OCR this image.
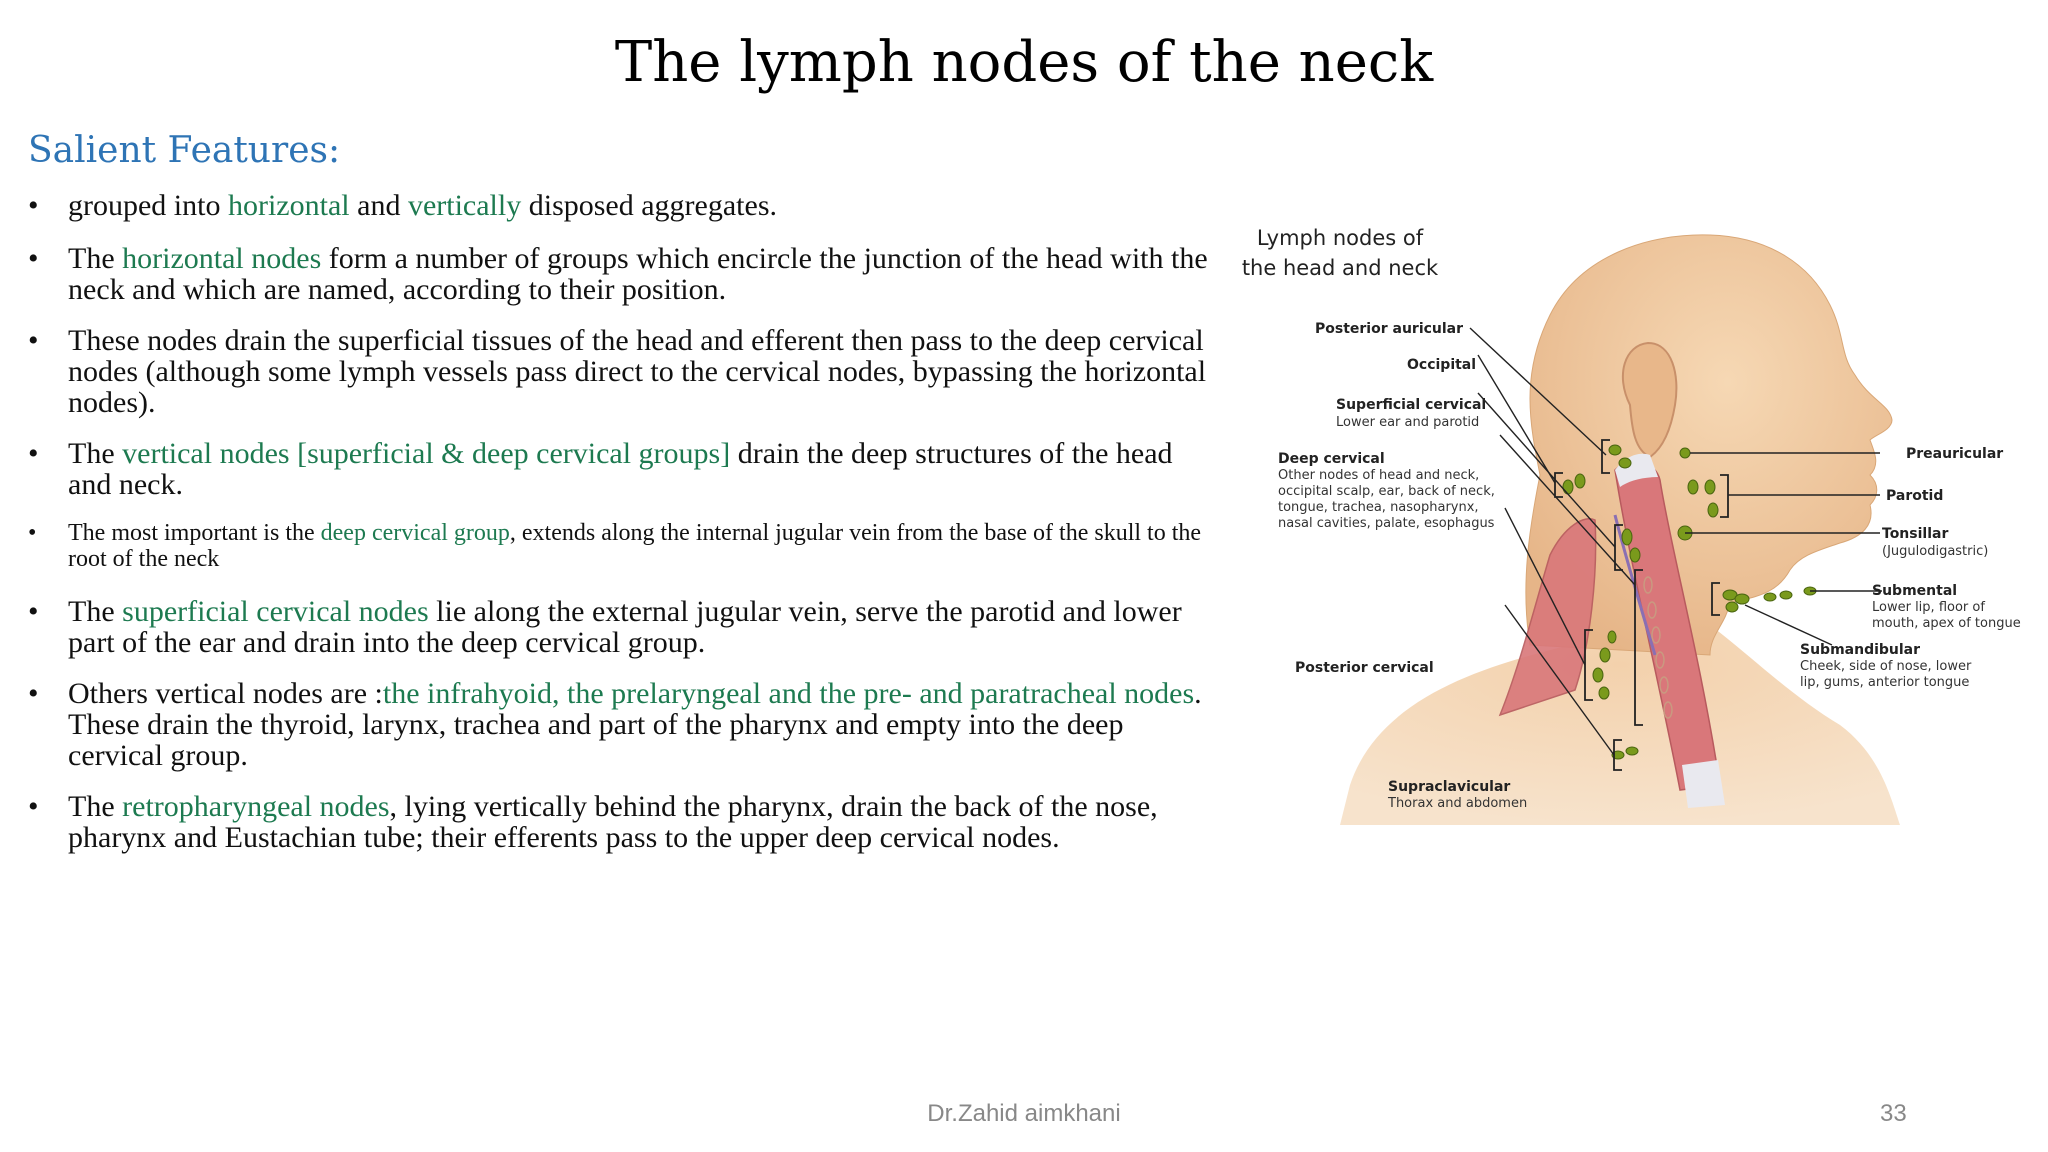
The lymph nodes of the neck
Salient Features:
• grouped into horizontal and vertically disposed aggregates.
• The horizontal nodes form a number of groups which encircle the junction of the head with the neck and which are named, according to their position.
• These nodes drain the superficial tissues of the head and efferent then pass to the deep cervical nodes (although some lymph vessels pass direct to the cervical nodes, bypassing the horizontal nodes).
• The vertical nodes [superficial & deep cervical groups] drain the deep structures of the head and neck.
•	The most important is the deep cervical group, extends along the internal jugular vein from the base of the skull to the root of the neck
• The superficial cervical nodes lie along the external jugular vein, serve the parotid and lower part of the ear and drain into the deep cervical group.
• Others vertical nodes are :the infrahyoid, the prelaryngeal and the pre- and paratracheal nodes. These drain the thyroid, larynx, trachea and part of the pharynx and empty into the deep cervical group.
• The retropharyngeal nodes, lying vertically behind the pharynx, drain the back of the nose, pharynx and Eustachian tube; their efferents pass to the upper deep cervical nodes.
Lymph nodes of
the head and neck
Posterior auricular
Occipital
Superficial cervical
Lower ear and parotid
Deep cervical
Other nodes of head and neck,
occipital scalp, ear, back of neck,
tongue, trachea, nasopharynx,
nasal cavities, palate, esophagus
Posterior cervical
Supraclavicular
Thorax and abdomen
Preauricular
Parotid
Tonsillar
(Jugulodigastric)
Submental
Lower lip, floor of
mouth, apex of tongue
Submandibular
Cheek, side of nose, lower
lip, gums, anterior tongue
Dr.Zahid aimkhani	33
